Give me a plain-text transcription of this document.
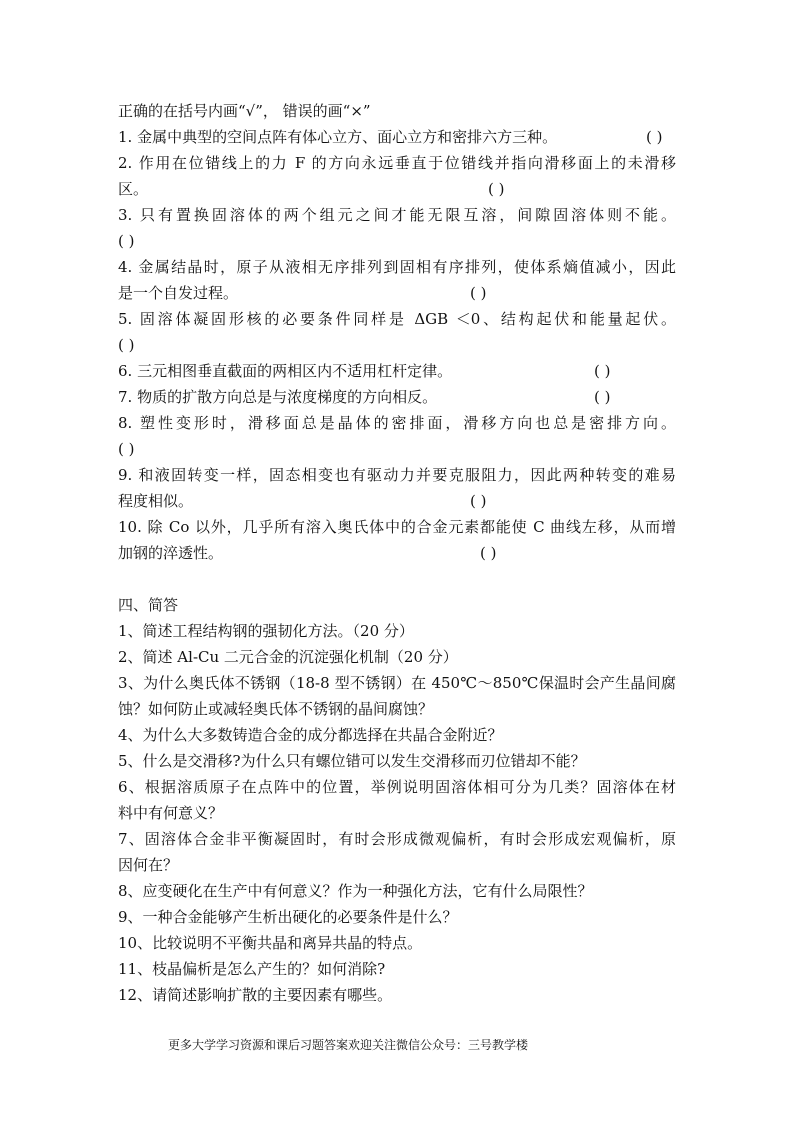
正确的在括号内画“√”， 错误的画“×”
1. 金属中典型的空间点阵有体心立方、面心立方和密排六方三种。	( )
2. 作用在位错线上的力 F 的方向永远垂直于位错线并指向滑移面上的未滑移
区。	( )
3. 只有置换固溶体的两个组元之间才能无限互溶，间隙固溶体则不能。
( )
4. 金属结晶时，原子从液相无序排列到固相有序排列，使体系熵值减小，因此
是一个自发过程。	( )
5. 固溶体凝固形核的必要条件同样是 ΔGB ＜0、结构起伏和能量起伏。
( )
6. 三元相图垂直截面的两相区内不适用杠杆定律。	( )
7. 物质的扩散方向总是与浓度梯度的方向相反。	( )
8. 塑性变形时，滑移面总是晶体的密排面，滑移方向也总是密排方向。
( )
9. 和液固转变一样，固态相变也有驱动力并要克服阻力，因此两种转变的难易
程度相似。	( )
10. 除 Co 以外，几乎所有溶入奥氏体中的合金元素都能使 C 曲线左移，从而增
加钢的淬透性。	( )
四、简答
1、简述工程结构钢的强韧化方法。（20 分）
2、简述 Al-Cu 二元合金的沉淀强化机制（20 分）
3、为什么奥氏体不锈钢（18-8 型不锈钢）在 450℃～850℃保温时会产生晶间腐
蚀？如何防止或减轻奥氏体不锈钢的晶间腐蚀？
4、为什么大多数铸造合金的成分都选择在共晶合金附近？
5、什么是交滑移?为什么只有螺位错可以发生交滑移而刃位错却不能？
6、根据溶质原子在点阵中的位置，举例说明固溶体相可分为几类？固溶体在材
料中有何意义？
7、固溶体合金非平衡凝固时，有时会形成微观偏析，有时会形成宏观偏析，原
因何在？
8、应变硬化在生产中有何意义？作为一种强化方法，它有什么局限性？
9、一种合金能够产生析出硬化的必要条件是什么？
10、比较说明不平衡共晶和离异共晶的特点。
11、枝晶偏析是怎么产生的？如何消除?
12、请简述影响扩散的主要因素有哪些。
更多大学学习资源和课后习题答案欢迎关注微信公众号：三号教学楼
